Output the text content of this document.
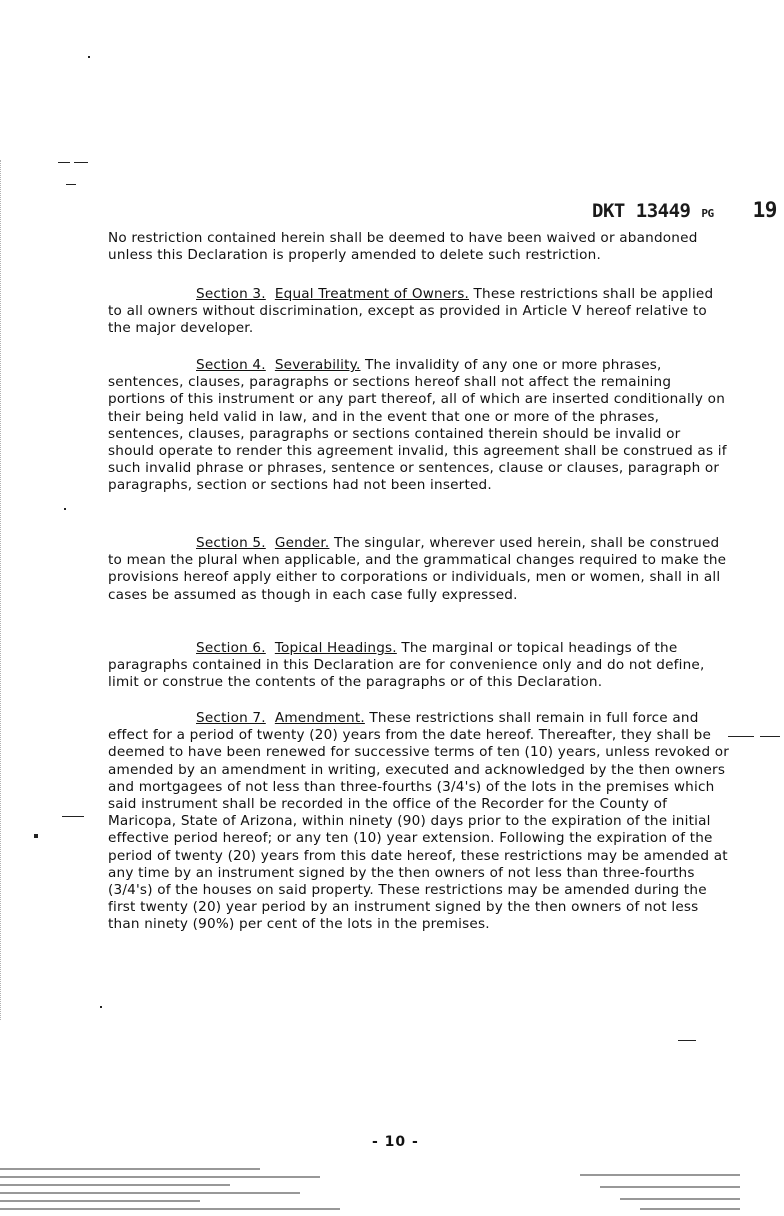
DKT 13449 PG 19

No restriction contained herein shall be deemed to have been waived or abandoned unless this Declaration is properly amended to delete such restriction.

Section 3. Equal Treatment of Owners. These restrictions shall be applied to all owners without discrimination, except as provided in Article V hereof relative to the major developer.

Section 4. Severability. The invalidity of any one or more phrases, sentences, clauses, paragraphs or sections hereof shall not affect the remaining portions of this instrument or any part thereof, all of which are inserted conditionally on their being held valid in law, and in the event that one or more of the phrases, sentences, clauses, paragraphs or sections contained therein should be invalid or should operate to render this agreement invalid, this agreement shall be construed as if such invalid phrase or phrases, sentence or sentences, clause or clauses, paragraph or paragraphs, section or sections had not been inserted.

Section 5. Gender. The singular, wherever used herein, shall be construed to mean the plural when applicable, and the grammatical changes required to make the provisions hereof apply either to corporations or individuals, men or women, shall in all cases be assumed as though in each case fully expressed.

Section 6. Topical Headings. The marginal or topical headings of the paragraphs contained in this Declaration are for convenience only and do not define, limit or construe the contents of the paragraphs or of this Declaration.

Section 7. Amendment. These restrictions shall remain in full force and effect for a period of twenty (20) years from the date hereof. Thereafter, they shall be deemed to have been renewed for successive terms of ten (10) years, unless revoked or amended by an amendment in writing, executed and acknowledged by the then owners and mortgagees of not less than three-fourths (3/4's) of the lots in the premises which said instrument shall be recorded in the office of the Recorder for the County of Maricopa, State of Arizona, within ninety (90) days prior to the expiration of the initial effective period hereof; or any ten (10) year extension. Following the expiration of the period of twenty (20) years from this date hereof, these restrictions may be amended at any time by an instrument signed by the then owners of not less than three-fourths (3/4's) of the houses on said property. These restrictions may be amended during the first twenty (20) year period by an instrument signed by the then owners of not less than ninety (90%) per cent of the lots in the premises.

- 10 -
